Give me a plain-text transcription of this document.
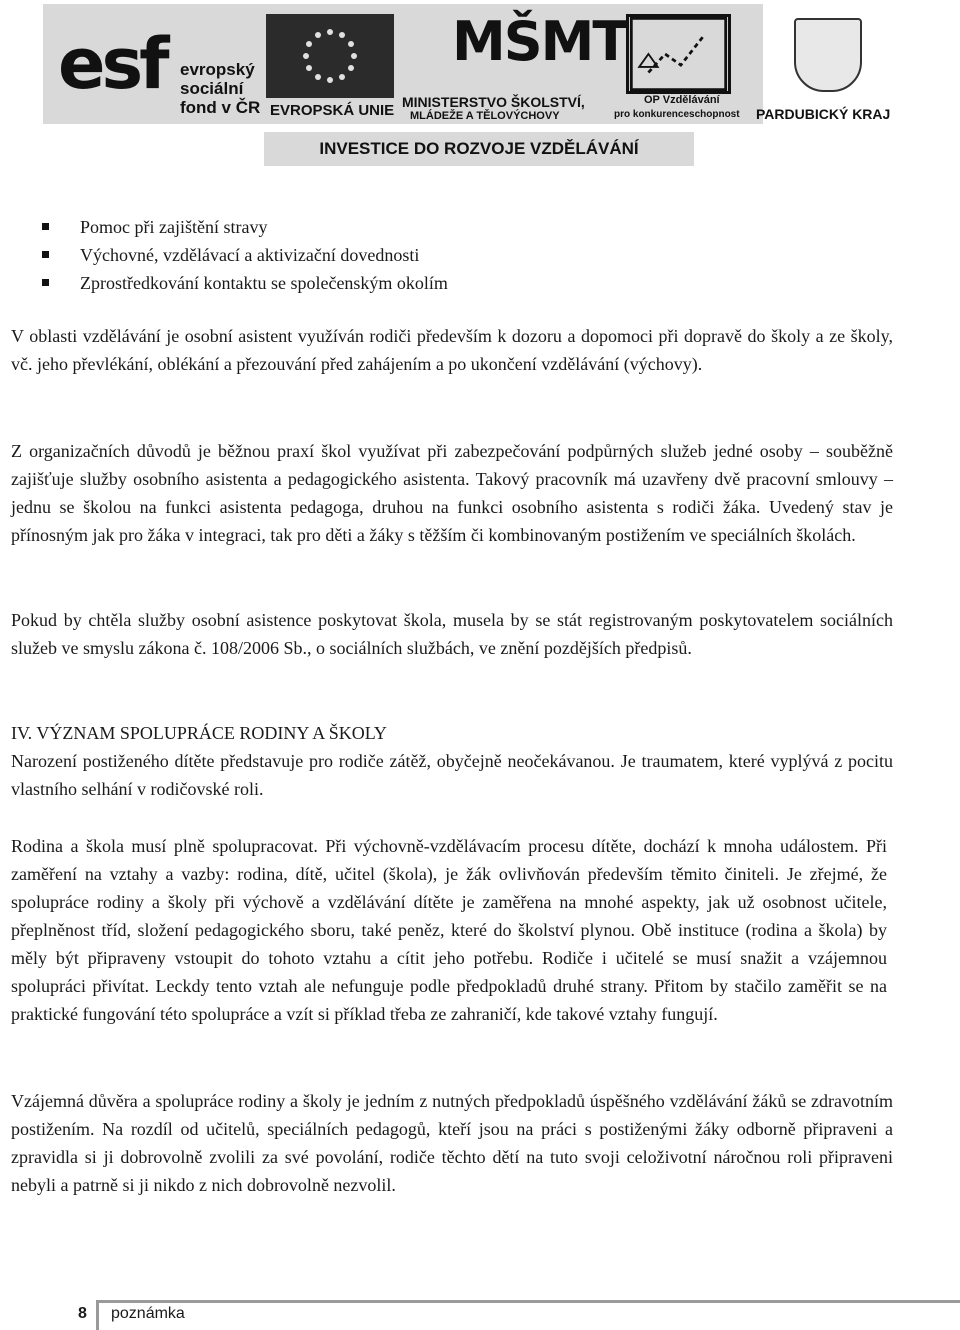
esf evropský
sociální
fond v ČR EVROPSKÁ UNIE
MŠMT
MINISTERSTVO ŠKOLSTVÍ,
MLÁDEŽE A TĚLOVÝCHOVY
OP Vzdělávání
pro konkurenceschopnost PARDUBICKÝ KRAJ
INVESTICE DO ROZVOJE VZDĚLÁVÁNÍ
Pomoc při zajištění stravy
Výchovné, vzdělávací a aktivizační dovednosti
Zprostředkování kontaktu se společenským okolím

V oblasti vzdělávání je osobní asistent využíván rodiči především k dozoru a dopomoci při dopravě do školy a ze školy, vč. jeho převlékání, oblékání a přezouvání před zahájením a po ukončení vzdělávání (výchovy).

Z organizačních důvodů je běžnou praxí škol využívat při zabezpečování podpůrných služeb jedné osoby – souběžně zajišťuje služby osobního asistenta a pedagogického asistenta. Takový pracovník má uzavřeny dvě pracovní smlouvy – jednu se školou na funkci asistenta pedagoga, druhou na funkci osobního asistenta s rodiči žáka. Uvedený stav je přínosným jak pro žáka v integraci, tak pro děti a žáky s těžším či kombinovaným postižením ve speciálních školách.

Pokud by chtěla služby osobní asistence poskytovat škola, musela by se stát registrovaným poskytovatelem sociálních služeb ve smyslu zákona č. 108/2006 Sb., o sociálních službách, ve znění pozdějších předpisů.

IV. VÝZNAM SPOLUPRÁCE RODINY A ŠKOLY

Narození postiženého dítěte představuje pro rodiče zátěž, obyčejně neočekávanou. Je traumatem, které vyplývá z pocitu vlastního selhání v rodičovské roli.

Rodina a škola musí plně spolupracovat. Při výchovně-vzdělávacím procesu dítěte, dochází k mnoha událostem. Při zaměření na vztahy a vazby: rodina, dítě, učitel (škola), je žák ovlivňován především těmito činiteli. Je zřejmé, že spolupráce rodiny a školy při výchově a vzdělávání dítěte je zaměřena na mnohé aspekty, jak už osobnost učitele, přeplněnost tříd, složení pedagogického sboru, také peněz, které do školství plynou. Obě instituce (rodina a škola) by měly být připraveny vstoupit do tohoto vztahu a cítit jeho potřebu. Rodiče i učitelé se musí snažit a vzájemnou spolupráci přivítat. Leckdy tento vztah ale nefunguje podle předpokladů druhé strany. Přitom by stačilo zaměřit se na praktické fungování této spolupráce a vzít si příklad třeba ze zahraničí, kde takové vztahy fungují.

Vzájemná důvěra a spolupráce rodiny a školy je jedním z nutných předpokladů úspěšného vzdělávání žáků se zdravotním postižením. Na rozdíl od učitelů, speciálních pedagogů, kteří jsou na práci s postiženými žáky odborně připraveni a zpravidla si ji dobrovolně zvolili za své povolání, rodiče těchto dětí na tuto svoji celoživotní náročnou roli připraveni nebyli a patrně si ji nikdo z nich dobrovolně nezvolil.

8 poznámka
